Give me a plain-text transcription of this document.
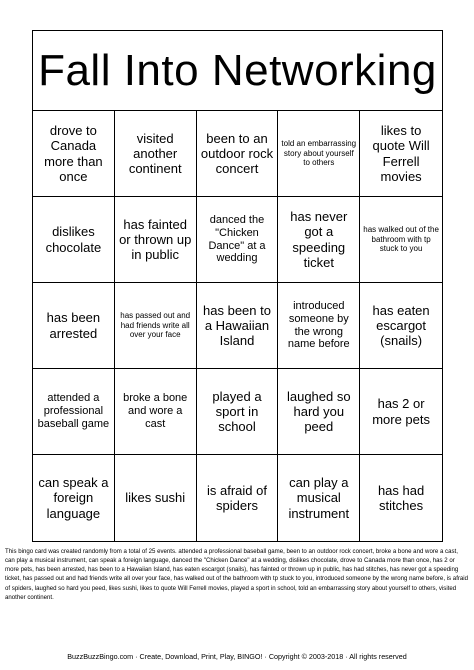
Fall Into Networking
drove to Canada more than once
visited another continent
been to an outdoor rock concert
told an embarrassing story about yourself to others
likes to quote Will Ferrell movies
dislikes chocolate
has fainted or thrown up in public
danced the "Chicken Dance" at a wedding
has never got a speeding ticket
has walked out of the bathroom with tp stuck to you
has been arrested
has passed out and had friends write all over your face
has been to a Hawaiian Island
introduced someone by the wrong name before
has eaten escargot (snails)
attended a professional baseball game
broke a bone and wore a cast
played a sport in school
laughed so hard you peed
has 2 or more pets
can speak a foreign language
likes sushi
is afraid of spiders
can play a musical instrument
has had stitches
This bingo card was created randomly from a total of 25 events. attended a professional baseball game, been to an outdoor rock concert, broke a bone and wore a cast, can play a musical instrument, can speak a foreign language, danced the "Chicken Dance" at a wedding, dislikes chocolate, drove to Canada more than once, has 2 or more pets, has been arrested, has been to a Hawaiian Island, has eaten escargot (snails), has fainted or thrown up in public, has had stitches, has never got a speeding ticket, has passed out and had friends write all over your face, has walked out of the bathroom with tp stuck to you, introduced someone by the wrong name before, is afraid of spiders, laughed so hard you peed, likes sushi, likes to quote Will Ferrell movies, played a sport in school, told an embarrassing story about yourself to others, visited another continent.
BuzzBuzzBingo.com · Create, Download, Print, Play, BINGO! · Copyright © 2003-2018 · All rights reserved
